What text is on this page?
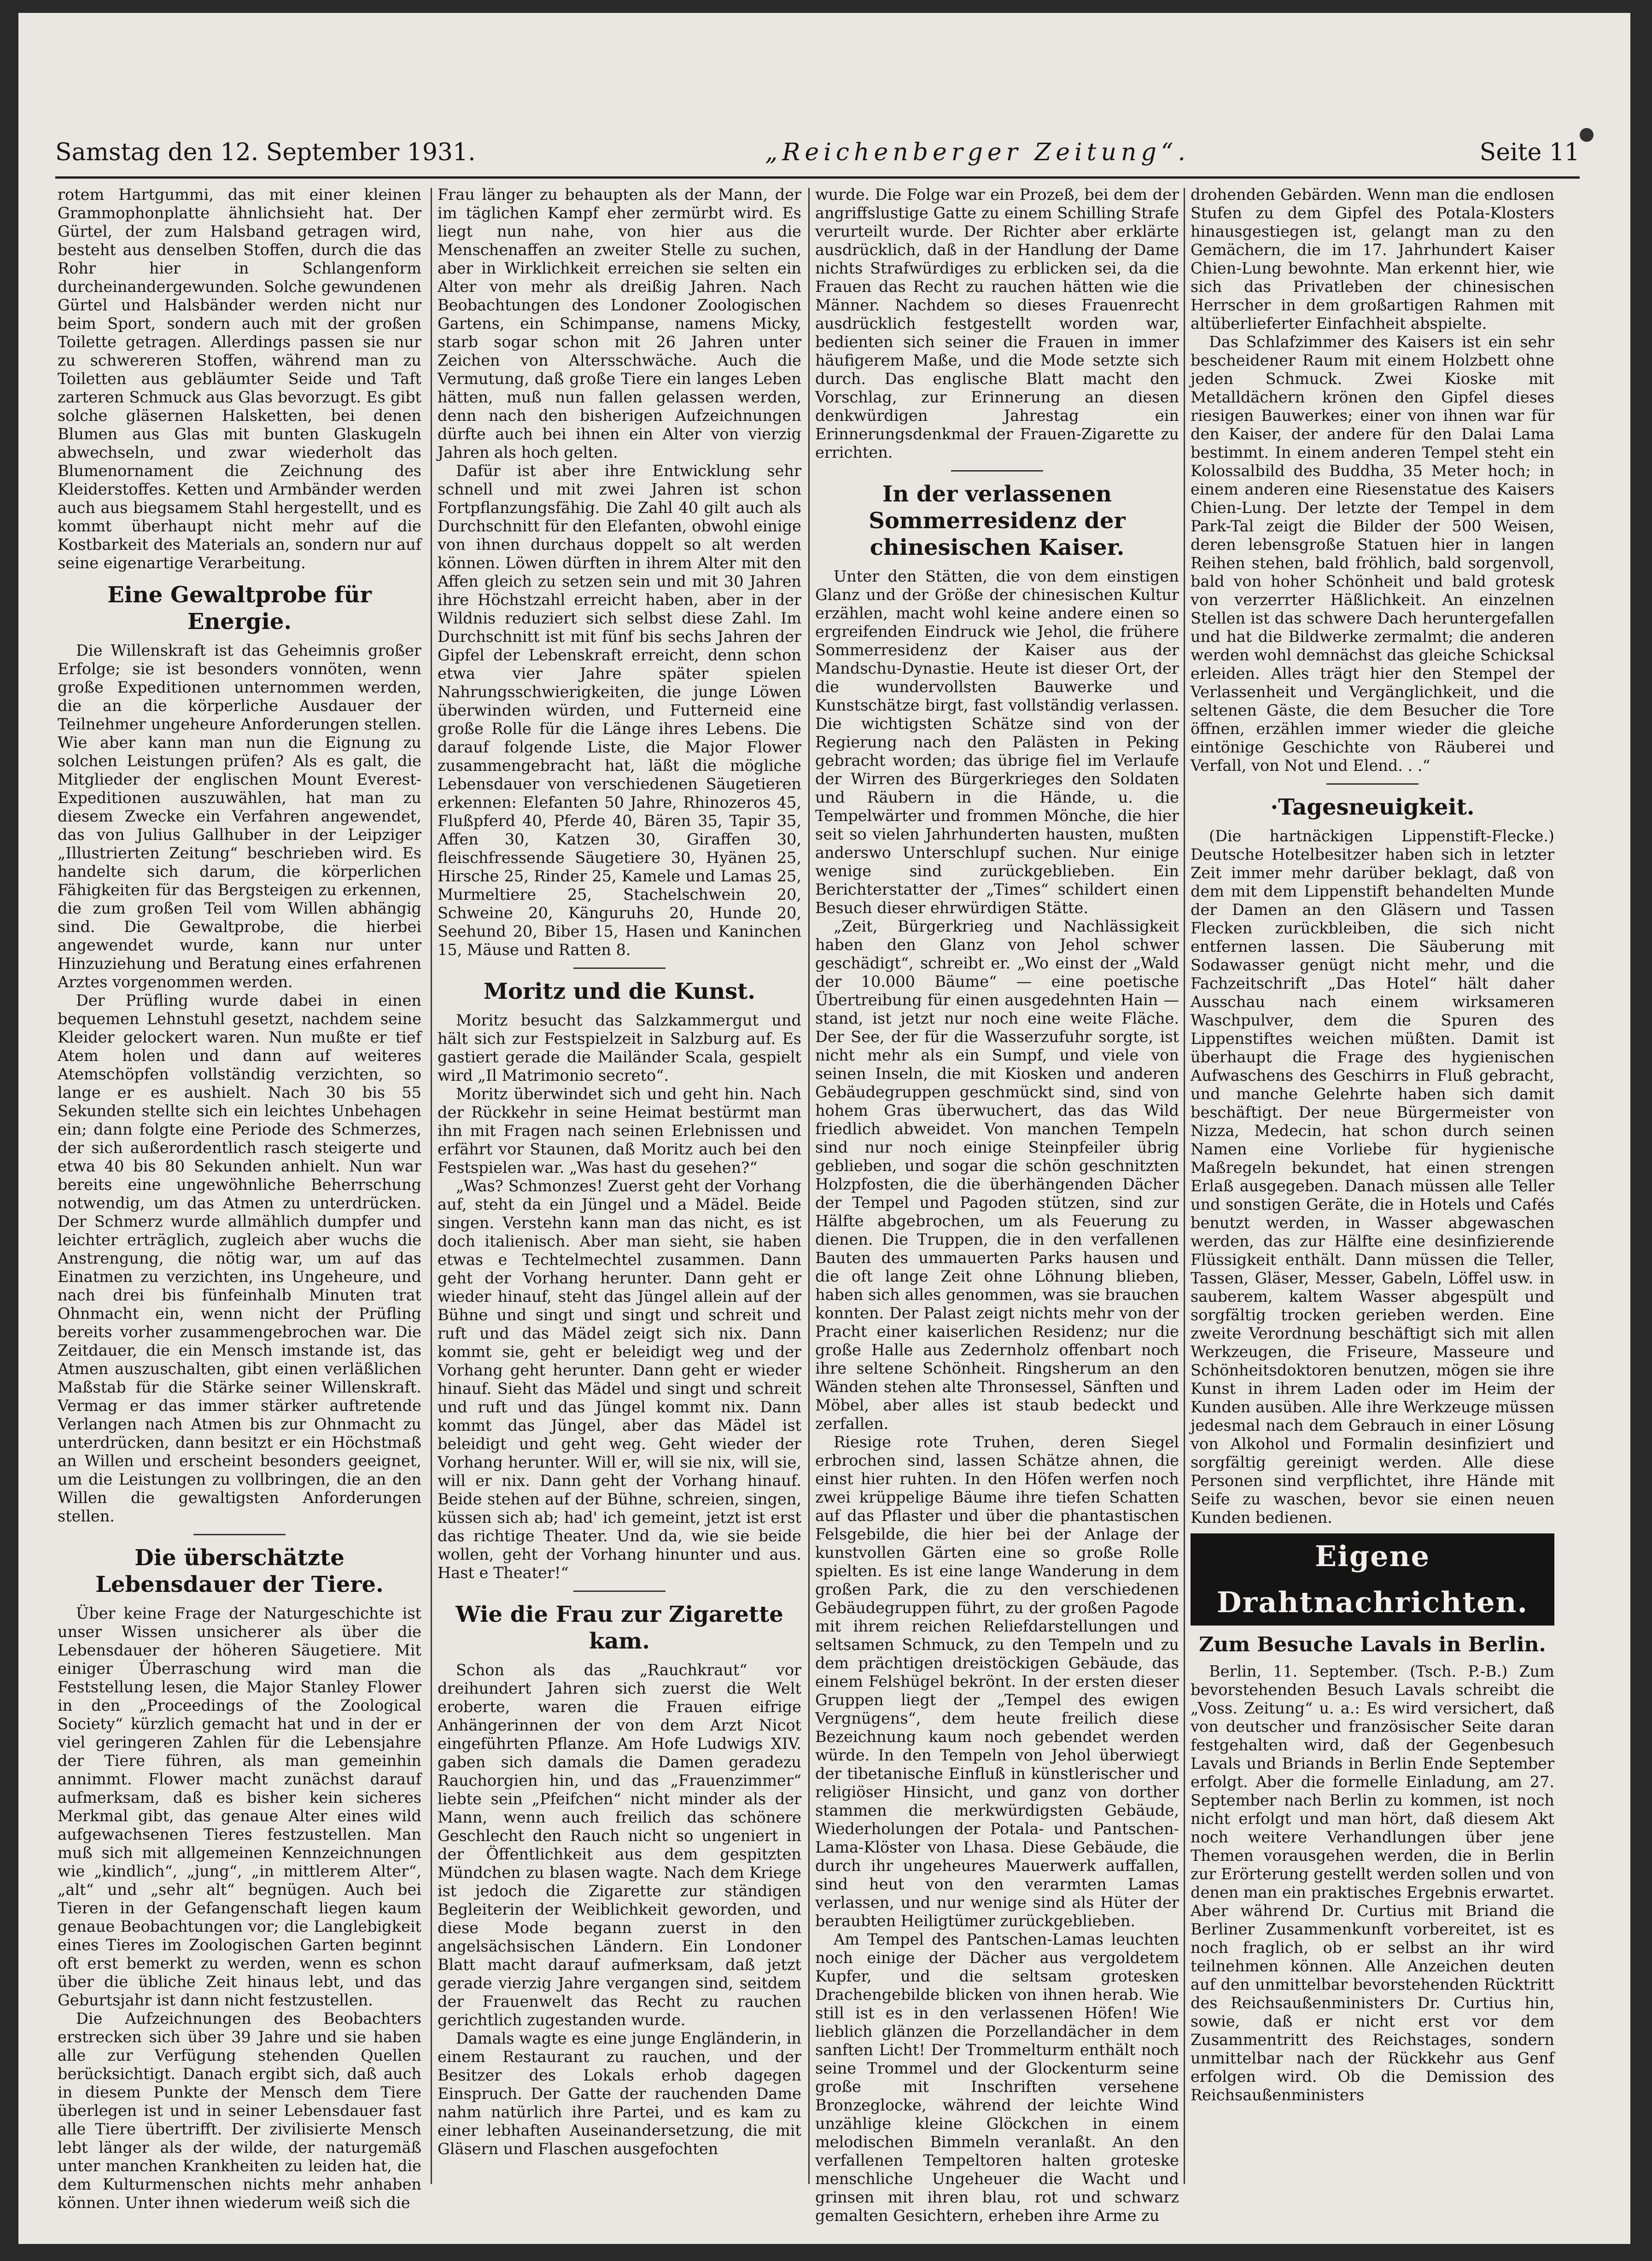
Samstag den 12. September 1931.	„Reichenberger Zeitung“.	Seite 11

rotem Hartgummi, das mit einer kleinen Grammophonplatte ähnlichsieht hat. Der Gürtel, der zum Halsband getragen wird, besteht aus denselben Stoffen, durch die das Rohr hier in Schlangenform durcheinandergewunden. Solche gewundenen Gürtel und Halsbänder werden nicht nur beim Sport, sondern auch mit der großen Toilette getragen. Allerdings passen sie nur zu schwereren Stoffen, während man zu Toiletten aus gebläumter Seide und Taft zarteren Schmuck aus Glas bevorzugt. Es gibt solche gläsernen Halsketten, bei denen Blumen aus Glas mit bunten Glaskugeln abwechseln, und zwar wiederholt das Blumenornament die Zeichnung des Kleiderstoffes. Ketten und Armbänder werden auch aus biegsamem Stahl hergestellt, und es kommt überhaupt nicht mehr auf die Kostbarkeit des Materials an, sondern nur auf seine eigenartige Verarbeitung.

Eine Gewaltprobe für Energie.

Die Willenskraft ist das Geheimnis großer Erfolge; sie ist besonders vonnöten, wenn große Expeditionen unternommen werden, die an die körperliche Ausdauer der Teilnehmer ungeheure Anforderungen stellen. Wie aber kann man nun die Eignung zu solchen Leistungen prüfen? Als es galt, die Mitglieder der englischen Mount Everest-Expeditionen auszuwählen, hat man zu diesem Zwecke ein Verfahren angewendet, das von Julius Gallhuber in der Leipziger „Illustrierten Zeitung“ beschrieben wird. Es handelte sich darum, die körperlichen Fähigkeiten für das Bergsteigen zu erkennen, die zum großen Teil vom Willen abhängig sind. Die Gewaltprobe, die hierbei angewendet wurde, kann nur unter Hinzuziehung und Beratung eines erfahrenen Arztes vorgenommen werden.

Der Prüfling wurde dabei in einen bequemen Lehnstuhl gesetzt, nachdem seine Kleider gelockert waren. Nun mußte er tief Atem holen und dann auf weiteres Atemschöpfen vollständig verzichten, so lange er es aushielt. Nach 30 bis 55 Sekunden stellte sich ein leichtes Unbehagen ein; dann folgte eine Periode des Schmerzes, der sich außerordentlich rasch steigerte und etwa 40 bis 80 Sekunden anhielt. Nun war bereits eine ungewöhnliche Beherrschung notwendig, um das Atmen zu unterdrücken. Der Schmerz wurde allmählich dumpfer und leichter erträglich, zugleich aber wuchs die Anstrengung, die nötig war, um auf das Einatmen zu verzichten, ins Ungeheure, und nach drei bis fünfeinhalb Minuten trat Ohnmacht ein, wenn nicht der Prüfling bereits vorher zusammengebrochen war. Die Zeitdauer, die ein Mensch imstande ist, das Atmen auszuschalten, gibt einen verläßlichen Maßstab für die Stärke seiner Willenskraft. Vermag er das immer stärker auftretende Verlangen nach Atmen bis zur Ohnmacht zu unterdrücken, dann besitzt er ein Höchstmaß an Willen und erscheint besonders geeignet, um die Leistungen zu vollbringen, die an den Willen die gewaltigsten Anforderungen stellen.

Die überschätzte Lebensdauer der Tiere.

Über keine Frage der Naturgeschichte ist unser Wissen unsicherer als über die Lebensdauer der höheren Säugetiere. Mit einiger Überraschung wird man die Feststellung lesen, die Major Stanley Flower in den „Proceedings of the Zoological Society“ kürzlich gemacht hat und in der er viel geringeren Zahlen für die Lebensjahre der Tiere führen, als man gemeinhin annimmt. Flower macht zunächst darauf aufmerksam, daß es bisher kein sicheres Merkmal gibt, das genaue Alter eines wild aufgewachsenen Tieres festzustellen. Man muß sich mit allgemeinen Kennzeichnungen wie „kindlich“, „jung“, „in mittlerem Alter“, „alt“ und „sehr alt“ begnügen. Auch bei Tieren in der Gefangenschaft liegen kaum genaue Beobachtungen vor; die Langlebigkeit eines Tieres im Zoologischen Garten beginnt oft erst bemerkt zu werden, wenn es schon über die übliche Zeit hinaus lebt, und das Geburtsjahr ist dann nicht festzustellen.

Die Aufzeichnungen des Beobachters erstrecken sich über 39 Jahre und sie haben alle zur Verfügung stehenden Quellen berücksichtigt. Danach ergibt sich, daß auch in diesem Punkte der Mensch dem Tiere überlegen ist und in seiner Lebensdauer fast alle Tiere übertrifft. Der zivilisierte Mensch lebt länger als der wilde, der naturgemäß unter manchen Krankheiten zu leiden hat, die dem Kulturmenschen nichts mehr anhaben können. Unter ihnen wiederum weiß sich die

Frau länger zu behaupten als der Mann, der im täglichen Kampf eher zermürbt wird. Es liegt nun nahe, von hier aus die Menschenaffen an zweiter Stelle zu suchen, aber in Wirklichkeit erreichen sie selten ein Alter von mehr als dreißig Jahren. Nach Beobachtungen des Londoner Zoologischen Gartens, ein Schimpanse, namens Micky, starb sogar schon mit 26 Jahren unter Zeichen von Altersschwäche. Auch die Vermutung, daß große Tiere ein langes Leben hätten, muß nun fallen gelassen werden, denn nach den bisherigen Aufzeichnungen dürfte auch bei ihnen ein Alter von vierzig Jahren als hoch gelten.

Dafür ist aber ihre Entwicklung sehr schnell und mit zwei Jahren ist schon Fortpflanzungsfähig. Die Zahl 40 gilt auch als Durchschnitt für den Elefanten, obwohl einige von ihnen durchaus doppelt so alt werden können. Löwen dürften in ihrem Alter mit den Affen gleich zu setzen sein und mit 30 Jahren ihre Höchstzahl erreicht haben, aber in der Wildnis reduziert sich selbst diese Zahl. Im Durchschnitt ist mit fünf bis sechs Jahren der Gipfel der Lebenskraft erreicht, denn schon etwa vier Jahre später spielen Nahrungsschwierigkeiten, die junge Löwen überwinden würden, und Futterneid eine große Rolle für die Länge ihres Lebens. Die darauf folgende Liste, die Major Flower zusammengebracht hat, läßt die mögliche Lebensdauer von verschiedenen Säugetieren erkennen: Elefanten 50 Jahre, Rhinozeros 45, Flußpferd 40, Pferde 40, Bären 35, Tapir 35, Affen 30, Katzen 30, Giraffen 30, fleischfressende Säugetiere 30, Hyänen 25, Hirsche 25, Rinder 25, Kamele und Lamas 25, Murmeltiere 25, Stachelschwein 20, Schweine 20, Känguruhs 20, Hunde 20, Seehund 20, Biber 15, Hasen und Kaninchen 15, Mäuse und Ratten 8.

Moritz und die Kunst.

Moritz besucht das Salzkammergut und hält sich zur Festspielzeit in Salzburg auf. Es gastiert gerade die Mailänder Scala, gespielt wird „Il Matrimonio secreto“.

Moritz überwindet sich und geht hin. Nach der Rückkehr in seine Heimat bestürmt man ihn mit Fragen nach seinen Erlebnissen und erfährt vor Staunen, daß Moritz auch bei den Festspielen war. „Was hast du gesehen?“

„Was? Schmonzes! Zuerst geht der Vorhang auf, steht da ein Jüngel und a Mädel. Beide singen. Verstehn kann man das nicht, es ist doch italienisch. Aber man sieht, sie haben etwas e Techtelmechtel zusammen. Dann geht der Vorhang herunter. Dann geht er wieder hinauf, steht das Jüngel allein auf der Bühne und singt und singt und schreit und ruft und das Mädel zeigt sich nix. Dann kommt sie, geht er beleidigt weg und der Vorhang geht herunter. Dann geht er wieder hinauf. Sieht das Mädel und singt und schreit und ruft und das Jüngel kommt nix. Dann kommt das Jüngel, aber das Mädel ist beleidigt und geht weg. Geht wieder der Vorhang herunter. Will er, will sie nix, will sie, will er nix. Dann geht der Vorhang hinauf. Beide stehen auf der Bühne, schreien, singen, küssen sich ab; had' ich gemeint, jetzt ist erst das richtige Theater. Und da, wie sie beide wollen, geht der Vorhang hinunter und aus. Hast e Theater!“

Wie die Frau zur Zigarette kam.

Schon als das „Rauchkraut“ vor dreihundert Jahren sich zuerst die Welt eroberte, waren die Frauen eifrige Anhängerinnen der von dem Arzt Nicot eingeführten Pflanze. Am Hofe Ludwigs XIV. gaben sich damals die Damen geradezu Rauchorgien hin, und das „Frauenzimmer“ liebte sein „Pfeifchen“ nicht minder als der Mann, wenn auch freilich das schönere Geschlecht den Rauch nicht so ungeniert in der Öffentlichkeit aus dem gespitzten Mündchen zu blasen wagte. Nach dem Kriege ist jedoch die Zigarette zur ständigen Begleiterin der Weiblichkeit geworden, und diese Mode begann zuerst in den angelsächsischen Ländern. Ein Londoner Blatt macht darauf aufmerksam, daß jetzt gerade vierzig Jahre vergangen sind, seitdem der Frauenwelt das Recht zu rauchen gerichtlich zugestanden wurde.

Damals wagte es eine junge Engländerin, in einem Restaurant zu rauchen, und der Besitzer des Lokals erhob dagegen Einspruch. Der Gatte der rauchenden Dame nahm natürlich ihre Partei, und es kam zu einer lebhaften Auseinandersetzung, die mit Gläsern und Flaschen ausgefochten

wurde. Die Folge war ein Prozeß, bei dem der angriffslustige Gatte zu einem Schilling Strafe verurteilt wurde. Der Richter aber erklärte ausdrücklich, daß in der Handlung der Dame nichts Strafwürdiges zu erblicken sei, da die Frauen das Recht zu rauchen hätten wie die Männer. Nachdem so dieses Frauenrecht ausdrücklich festgestellt worden war, bedienten sich seiner die Frauen in immer häufigerem Maße, und die Mode setzte sich durch. Das englische Blatt macht den Vorschlag, zur Erinnerung an diesen denkwürdigen Jahrestag ein Erinnerungsdenkmal der Frauen-Zigarette zu errichten.

In der verlassenen Sommerresidenz der chinesischen Kaiser.

Unter den Stätten, die von dem einstigen Glanz und der Größe der chinesischen Kultur erzählen, macht wohl keine andere einen so ergreifenden Eindruck wie Jehol, die frühere Sommerresidenz der Kaiser aus der Mandschu-Dynastie. Heute ist dieser Ort, der die wundervollsten Bauwerke und Kunstschätze birgt, fast vollständig verlassen. Die wichtigsten Schätze sind von der Regierung nach den Palästen in Peking gebracht worden; das übrige fiel im Verlaufe der Wirren des Bürgerkrieges den Soldaten und Räubern in die Hände, u. die Tempelwärter und frommen Mönche, die hier seit so vielen Jahrhunderten hausten, mußten anderswo Unterschlupf suchen. Nur einige wenige sind zurückgeblieben. Ein Berichterstatter der „Times“ schildert einen Besuch dieser ehrwürdigen Stätte.

„Zeit, Bürgerkrieg und Nachlässigkeit haben den Glanz von Jehol schwer geschädigt“, schreibt er. „Wo einst der „Wald der 10.000 Bäume“ — eine poetische Übertreibung für einen ausgedehnten Hain — stand, ist jetzt nur noch eine weite Fläche. Der See, der für die Wasserzufuhr sorgte, ist nicht mehr als ein Sumpf, und viele von seinen Inseln, die mit Kiosken und anderen Gebäudegruppen geschmückt sind, sind von hohem Gras überwuchert, das das Wild friedlich abweidet. Von manchen Tempeln sind nur noch einige Steinpfeiler übrig geblieben, und sogar die schön geschnitzten Holzpfosten, die die überhängenden Dächer der Tempel und Pagoden stützen, sind zur Hälfte abgebrochen, um als Feuerung zu dienen. Die Truppen, die in den verfallenen Bauten des ummauerten Parks hausen und die oft lange Zeit ohne Löhnung blieben, haben sich alles genommen, was sie brauchen konnten. Der Palast zeigt nichts mehr von der Pracht einer kaiserlichen Residenz; nur die große Halle aus Zedernholz offenbart noch ihre seltene Schönheit. Ringsherum an den Wänden stehen alte Thronsessel, Sänften und Möbel, aber alles ist staub bedeckt und zerfallen.

Riesige rote Truhen, deren Siegel erbrochen sind, lassen Schätze ahnen, die einst hier ruhten. In den Höfen werfen noch zwei krüppelige Bäume ihre tiefen Schatten auf das Pflaster und über die phantastischen Felsgebilde, die hier bei der Anlage der kunstvollen Gärten eine so große Rolle spielten. Es ist eine lange Wanderung in dem großen Park, die zu den verschiedenen Gebäudegruppen führt, zu der großen Pagode mit ihrem reichen Reliefdarstellungen und seltsamen Schmuck, zu den Tempeln und zu dem prächtigen dreistöckigen Gebäude, das einem Felshügel bekrönt. In der ersten dieser Gruppen liegt der „Tempel des ewigen Vergnügens“, dem heute freilich diese Bezeichnung kaum noch gebendet werden würde. In den Tempeln von Jehol überwiegt der tibetanische Einfluß in künstlerischer und religiöser Hinsicht, und ganz von dorther stammen die merkwürdigsten Gebäude, Wiederholungen der Potala- und Pantschen-Lama-Klöster von Lhasa. Diese Gebäude, die durch ihr ungeheures Mauerwerk auffallen, sind heut von den verarmten Lamas verlassen, und nur wenige sind als Hüter der beraubten Heiligtümer zurückgeblieben.

Am Tempel des Pantschen-Lamas leuchten noch einige der Dächer aus vergoldetem Kupfer, und die seltsam grotesken Drachengebilde blicken von ihnen herab. Wie still ist es in den verlassenen Höfen! Wie lieblich glänzen die Porzellandächer in dem sanften Licht! Der Trommelturm enthält noch seine Trommel und der Glockenturm seine große mit Inschriften versehene Bronzeglocke, während der leichte Wind unzählige kleine Glöckchen in einem melodischen Bimmeln veranlaßt. An den verfallenen Tempeltoren halten groteske menschliche Ungeheuer die Wacht und grinsen mit ihren blau, rot und schwarz gemalten Gesichtern, erheben ihre Arme zu

drohenden Gebärden. Wenn man die endlosen Stufen zu dem Gipfel des Potala-Klosters hinausgestiegen ist, gelangt man zu den Gemächern, die im 17. Jahrhundert Kaiser Chien-Lung bewohnte. Man erkennt hier, wie sich das Privatleben der chinesischen Herrscher in dem großartigen Rahmen mit altüberlieferter Einfachheit abspielte.

Das Schlafzimmer des Kaisers ist ein sehr bescheidener Raum mit einem Holzbett ohne jeden Schmuck. Zwei Kioske mit Metalldächern krönen den Gipfel dieses riesigen Bauwerkes; einer von ihnen war für den Kaiser, der andere für den Dalai Lama bestimmt. In einem anderen Tempel steht ein Kolossalbild des Buddha, 35 Meter hoch; in einem anderen eine Riesenstatue des Kaisers Chien-Lung. Der letzte der Tempel in dem Park-Tal zeigt die Bilder der 500 Weisen, deren lebensgroße Statuen hier in langen Reihen stehen, bald fröhlich, bald sorgenvoll, bald von hoher Schönheit und bald grotesk von verzerrter Häßlichkeit. An einzelnen Stellen ist das schwere Dach heruntergefallen und hat die Bildwerke zermalmt; die anderen werden wohl demnächst das gleiche Schicksal erleiden. Alles trägt hier den Stempel der Verlassenheit und Vergänglichkeit, und die seltenen Gäste, die dem Besucher die Tore öffnen, erzählen immer wieder die gleiche eintönige Geschichte von Räuberei und Verfall, von Not und Elend. . .“

·Tagesneuigkeit.

(Die hartnäckigen Lippenstift-Flecke.) Deutsche Hotelbesitzer haben sich in letzter Zeit immer mehr darüber beklagt, daß von dem mit dem Lippenstift behandelten Munde der Damen an den Gläsern und Tassen Flecken zurückbleiben, die sich nicht entfernen lassen. Die Säuberung mit Sodawasser genügt nicht mehr, und die Fachzeitschrift „Das Hotel“ hält daher Ausschau nach einem wirksameren Waschpulver, dem die Spuren des Lippenstiftes weichen müßten. Damit ist überhaupt die Frage des hygienischen Aufwaschens des Geschirrs in Fluß gebracht, und manche Gelehrte haben sich damit beschäftigt. Der neue Bürgermeister von Nizza, Medecin, hat schon durch seinen Namen eine Vorliebe für hygienische Maßregeln bekundet, hat einen strengen Erlaß ausgegeben. Danach müssen alle Teller und sonstigen Geräte, die in Hotels und Cafés benutzt werden, in Wasser abgewaschen werden, das zur Hälfte eine desinfizierende Flüssigkeit enthält. Dann müssen die Teller, Tassen, Gläser, Messer, Gabeln, Löffel usw. in sauberem, kaltem Wasser abgespült und sorgfältig trocken gerieben werden. Eine zweite Verordnung beschäftigt sich mit allen Werkzeugen, die Friseure, Masseure und Schönheitsdoktoren benutzen, mögen sie ihre Kunst in ihrem Laden oder im Heim der Kunden ausüben. Alle ihre Werkzeuge müssen jedesmal nach dem Gebrauch in einer Lösung von Alkohol und Formalin desinfiziert und sorgfältig gereinigt werden. Alle diese Personen sind verpflichtet, ihre Hände mit Seife zu waschen, bevor sie einen neuen Kunden bedienen.

Eigene Drahtnachrichten.
Zum Besuche Lavals in Berlin.

Berlin, 11. September. (Tsch. P.-B.) Zum bevorstehenden Besuch Lavals schreibt die „Voss. Zeitung“ u. a.: Es wird versichert, daß von deutscher und französischer Seite daran festgehalten wird, daß der Gegenbesuch Lavals und Briands in Berlin Ende September erfolgt. Aber die formelle Einladung, am 27. September nach Berlin zu kommen, ist noch nicht erfolgt und man hört, daß diesem Akt noch weitere Verhandlungen über jene Themen vorausgehen werden, die in Berlin zur Erörterung gestellt werden sollen und von denen man ein praktisches Ergebnis erwartet. Aber während Dr. Curtius mit Briand die Berliner Zusammenkunft vorbereitet, ist es noch fraglich, ob er selbst an ihr wird teilnehmen können. Alle Anzeichen deuten auf den unmittelbar bevorstehenden Rücktritt des Reichsaußenministers Dr. Curtius hin, sowie, daß er nicht erst vor dem Zusammentritt des Reichstages, sondern unmittelbar nach der Rückkehr aus Genf erfolgen wird. Ob die Demission des Reichsaußenministers
